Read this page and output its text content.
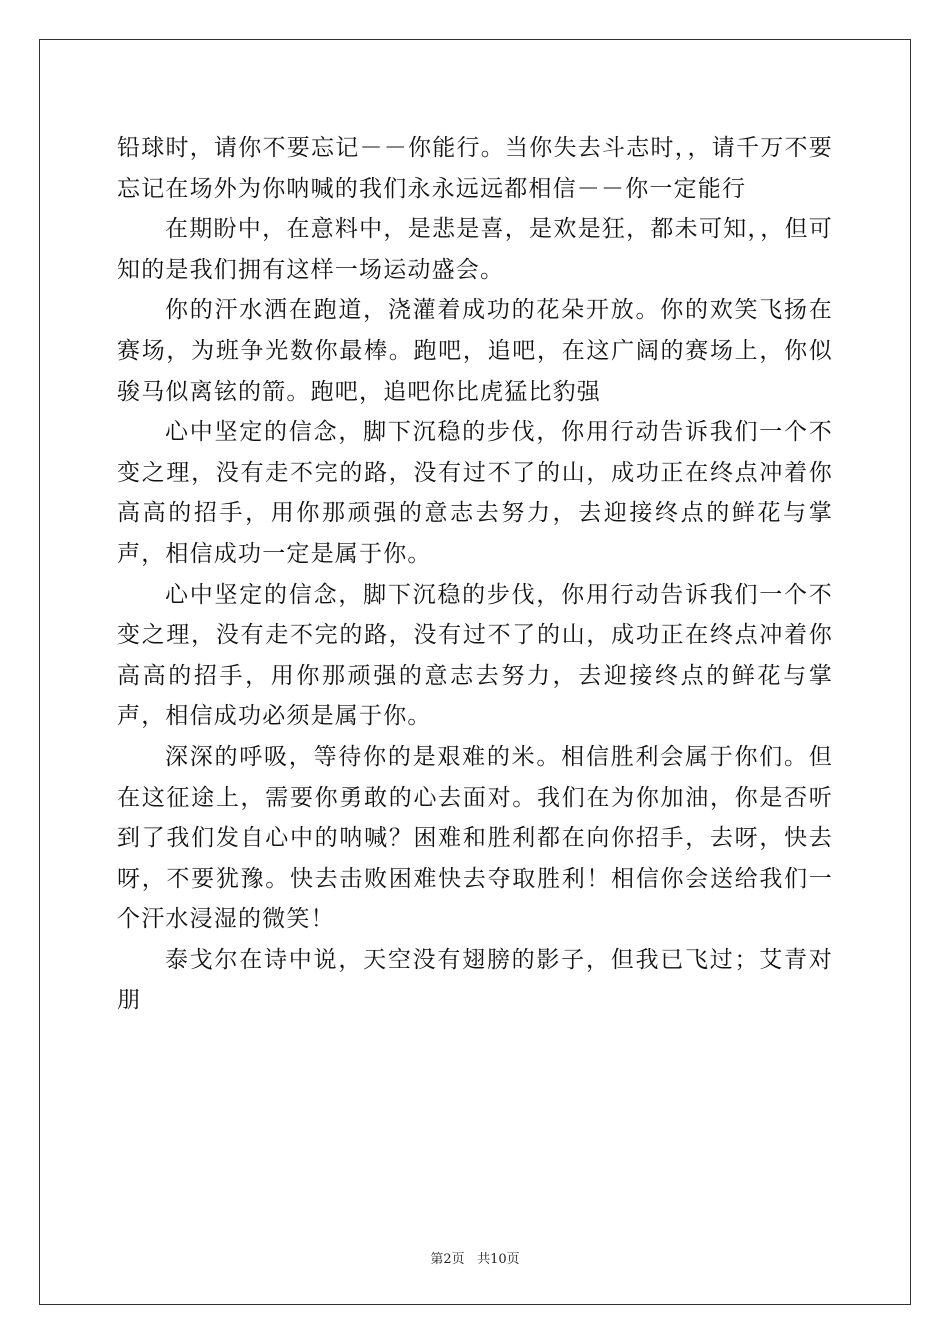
铅球时，请你不要忘记－－你能行。当你失去斗志时，，请千万不要忘记在场外为你呐喊的我们永永远远都相信－－你一定能行

在期盼中，在意料中，是悲是喜，是欢是狂，都未可知，，但可知的是我们拥有这样一场运动盛会。

你的汗水洒在跑道，浇灌着成功的花朵开放。你的欢笑飞扬在赛场，为班争光数你最棒。跑吧，追吧，在这广阔的赛场上，你似骏马似离铉的箭。跑吧，追吧你比虎猛比豹强

心中坚定的信念，脚下沉稳的步伐，你用行动告诉我们一个不变之理，没有走不完的路，没有过不了的山，成功正在终点冲着你高高的招手，用你那顽强的意志去努力，去迎接终点的鲜花与掌声，相信成功一定是属于你。

心中坚定的信念，脚下沉稳的步伐，你用行动告诉我们一个不变之理，没有走不完的路，没有过不了的山，成功正在终点冲着你高高的招手，用你那顽强的意志去努力，去迎接终点的鲜花与掌声，相信成功必须是属于你。

深深的呼吸，等待你的是艰难的米。相信胜利会属于你们。但在这征途上，需要你勇敢的心去面对。我们在为你加油，你是否听到了我们发自心中的呐喊？困难和胜利都在向你招手，去呀，快去呀，不要犹豫。快去击败困难快去夺取胜利！相信你会送给我们一个汗水浸湿的微笑！

泰戈尔在诗中说，天空没有翅膀的影子，但我已飞过；艾青对朋

第2页 共10页
